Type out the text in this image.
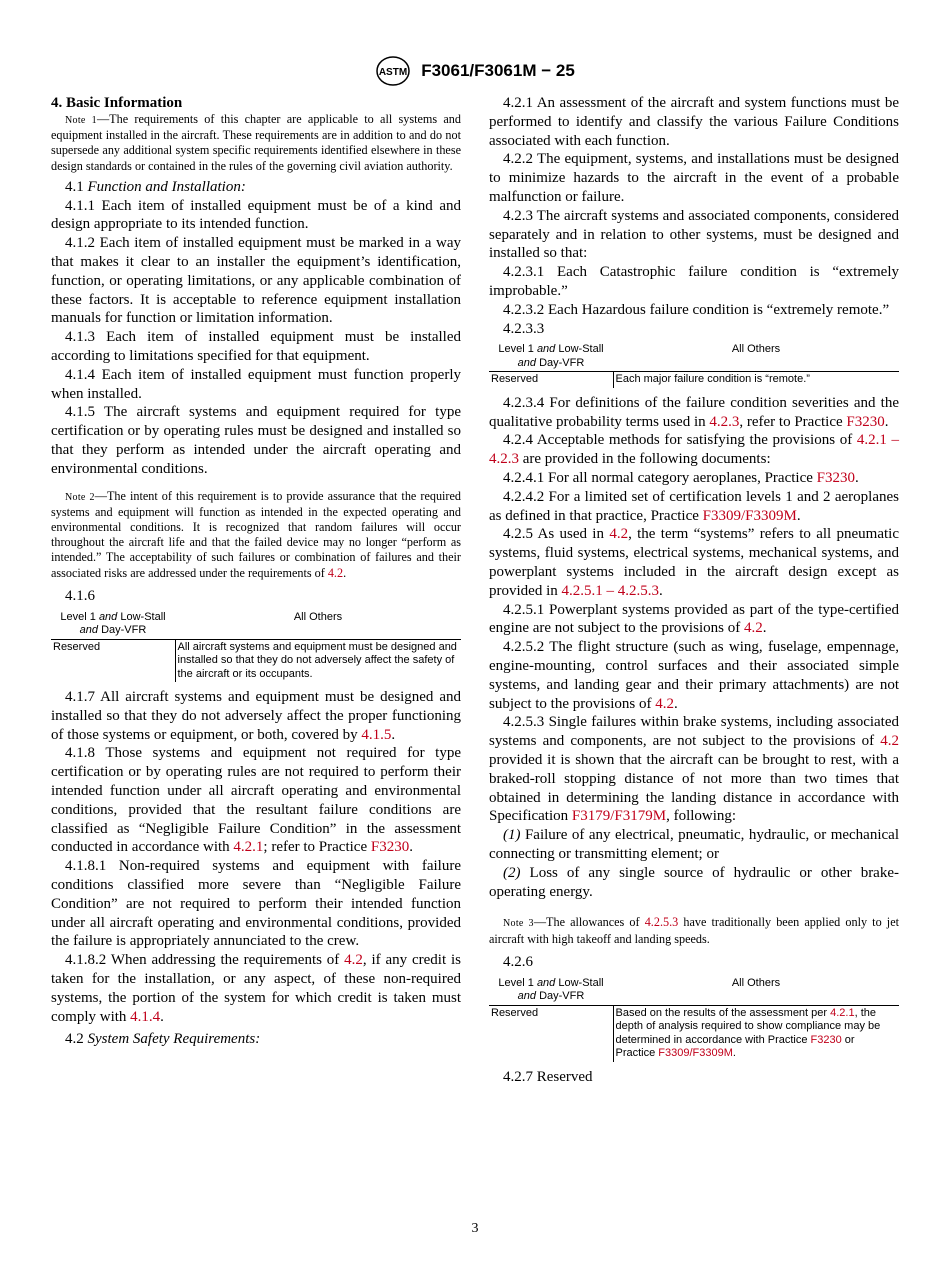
ASTM F3061/F3061M − 25

4. Basic Information

Note 1—The requirements of this chapter are applicable to all systems and equipment installed in the aircraft. These requirements are in addition to and do not supersede any additional system specific requirements identified elsewhere in these design standards or contained in the rules of the governing civil aviation authority.

4.1 Function and Installation:

4.1.1 Each item of installed equipment must be of a kind and design appropriate to its intended function.

4.1.2 Each item of installed equipment must be marked in a way that makes it clear to an installer the equipment’s identification, function, or operating limitations, or any applicable combination of these factors. It is acceptable to reference equipment installation manuals for function or limitation information.

4.1.3 Each item of installed equipment must be installed according to limitations specified for that equipment.

4.1.4 Each item of installed equipment must function properly when installed.

4.1.5 The aircraft systems and equipment required for type certification or by operating rules must be designed and installed so that they perform as intended under the aircraft operating and environmental conditions.

Note 2—The intent of this requirement is to provide assurance that the required systems and equipment will function as intended in the expected operating and environmental conditions. It is recognized that random failures will occur throughout the aircraft life and that the failed device may no longer “perform as intended.” The acceptability of such failures or combination of failures and their associated risks are addressed under the requirements of 4.2.

4.1.6

Level 1 and Low-Stall
and Day-VFR	All Others
Reserved	All aircraft systems and equipment must be designed and installed so that they do not adversely affect the safety of the aircraft or its occupants.

4.1.7 All aircraft systems and equipment must be designed and installed so that they do not adversely affect the proper functioning of those systems or equipment, or both, covered by 4.1.5.

4.1.8 Those systems and equipment not required for type certification or by operating rules are not required to perform their intended function under all aircraft operating and environmental conditions, provided that the resultant failure conditions are classified as “Negligible Failure Condition” in the assessment conducted in accordance with 4.2.1; refer to Practice F3230.

4.1.8.1 Non-required systems and equipment with failure conditions classified more severe than “Negligible Failure Condition” are not required to perform their intended function under all aircraft operating and environmental conditions, provided the failure is appropriately annunciated to the crew.

4.1.8.2 When addressing the requirements of 4.2, if any credit is taken for the installation, or any aspect, of these non-required systems, the portion of the system for which credit is taken must comply with 4.1.4.

4.2 System Safety Requirements:

4.2.1 An assessment of the aircraft and system functions must be performed to identify and classify the various Failure Conditions associated with each function.

4.2.2 The equipment, systems, and installations must be designed to minimize hazards to the aircraft in the event of a probable malfunction or failure.

4.2.3 The aircraft systems and associated components, considered separately and in relation to other systems, must be designed and installed so that:

4.2.3.1 Each Catastrophic failure condition is “extremely improbable.”

4.2.3.2 Each Hazardous failure condition is “extremely remote.”

4.2.3.3

Level 1 and Low-Stall
and Day-VFR	All Others
Reserved	Each major failure condition is “remote.”

4.2.3.4 For definitions of the failure condition severities and the qualitative probability terms used in 4.2.3, refer to Practice F3230.

4.2.4 Acceptable methods for satisfying the provisions of 4.2.1 – 4.2.3 are provided in the following documents:

4.2.4.1 For all normal category aeroplanes, Practice F3230.

4.2.4.2 For a limited set of certification levels 1 and 2 aeroplanes as defined in that practice, Practice F3309/F3309M.

4.2.5 As used in 4.2, the term “systems” refers to all pneumatic systems, fluid systems, electrical systems, mechanical systems, and powerplant systems included in the aircraft design except as provided in 4.2.5.1 – 4.2.5.3.

4.2.5.1 Powerplant systems provided as part of the type-certified engine are not subject to the provisions of 4.2.

4.2.5.2 The flight structure (such as wing, fuselage, empennage, engine-mounting, control surfaces and their associated simple systems, and landing gear and their primary attachments) are not subject to the provisions of 4.2.

4.2.5.3 Single failures within brake systems, including associated systems and components, are not subject to the provisions of 4.2 provided it is shown that the aircraft can be brought to rest, with a braked-roll stopping distance of not more than two times that obtained in determining the landing distance in accordance with Specification F3179/F3179M, following:

(1) Failure of any electrical, pneumatic, hydraulic, or mechanical connecting or transmitting element; or

(2) Loss of any single source of hydraulic or other brake-operating energy.

Note 3—The allowances of 4.2.5.3 have traditionally been applied only to jet aircraft with high takeoff and landing speeds.

4.2.6

Level 1 and Low-Stall
and Day-VFR	All Others
Reserved	Based on the results of the assessment per 4.2.1, the depth of analysis required to show compliance may be determined in accordance with Practice F3230 or Practice F3309/F3309M.

4.2.7 Reserved

3
